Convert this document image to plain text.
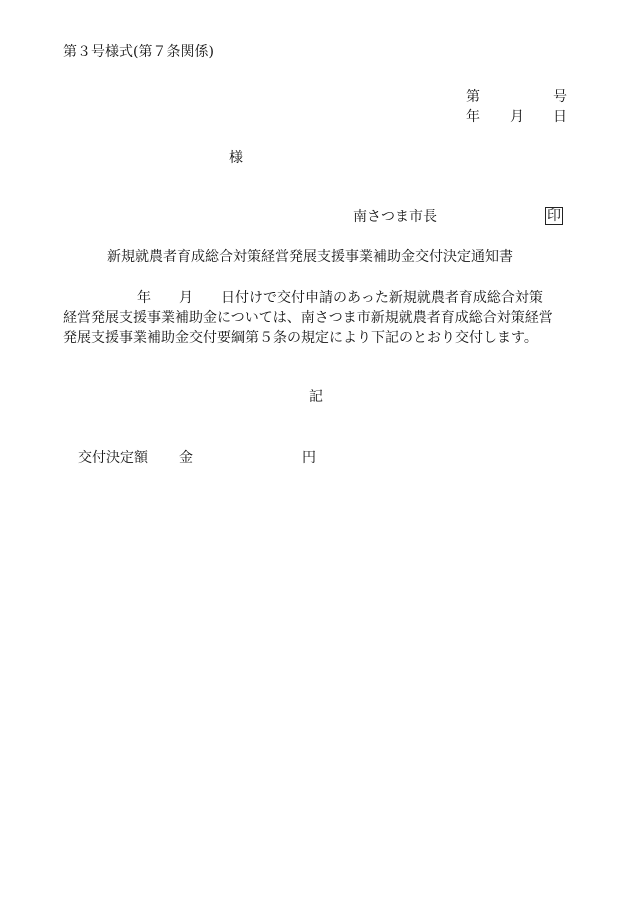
第３号様式(第７条関係)
第	号
年 月 日
様
南さつま市長	印
新規就農者育成総合対策経営発展支援事業補助金交付決定通知書
年 月 日付けで交付申請のあった新規就農者育成総合対策
経営発展支援事業補助金については、南さつま市新規就農者育成総合対策経営
発展支援事業補助金交付要綱第５条の規定により下記のとおり交付します。
記
交付決定額 金	円
